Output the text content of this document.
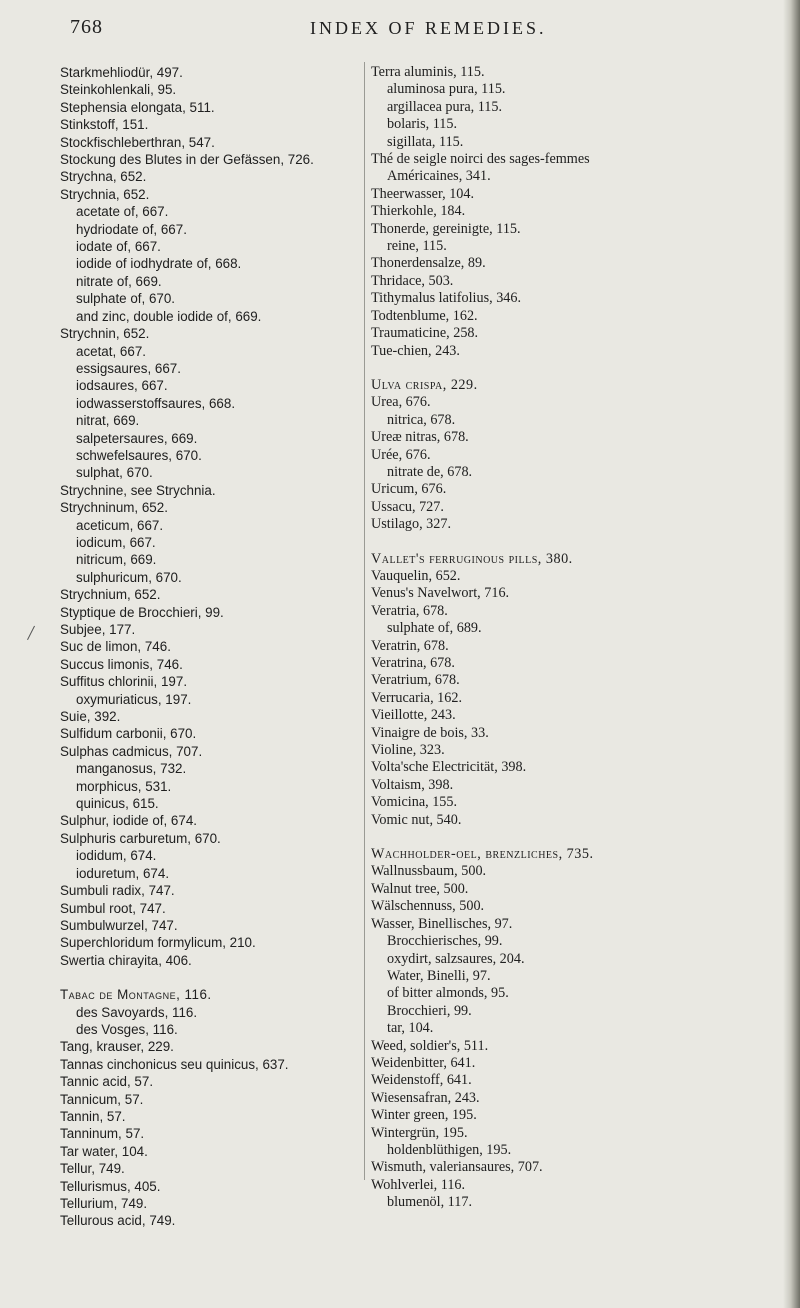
768	INDEX OF REMEDIES.
Starkmehliodür, 497.
Steinkohlenkali, 95.
Stephensia elongata, 511.
Stinkstoff, 151.
Stockfischleberthran, 547.
Stockung des Blutes in der Gefässen, 726.
Strychna, 652.
Strychnia, 652.
acetate of, 667.
hydriodate of, 667.
iodate of, 667.
iodide of iodhydrate of, 668.
nitrate of, 669.
sulphate of, 670.
and zinc, double iodide of, 669.
Strychnin, 652.
acetat, 667.
essigsaures, 667.
iodsaures, 667.
iodwasserstoffsaures, 668.
nitrat, 669.
salpetersaures, 669.
schwefelsaures, 670.
sulphat, 670.
Strychnine, see Strychnia.
Strychninum, 652.
aceticum, 667.
iodicum, 667.
nitricum, 669.
sulphuricum, 670.
Strychnium, 652.
Styptique de Brocchieri, 99.
Subjee, 177.
Suc de limon, 746.
Succus limonis, 746.
Suffitus chlorinii, 197.
oxymuriaticus, 197.
Suie, 392.
Sulfidum carbonii, 670.
Sulphas cadmicus, 707.
manganosus, 732.
morphicus, 531.
quinicus, 615.
Sulphur, iodide of, 674.
Sulphuris carburetum, 670.
iodidum, 674.
ioduretum, 674.
Sumbuli radix, 747.
Sumbul root, 747.
Sumbulwurzel, 747.
Superchloridum formylicum, 210.
Swertia chirayita, 406.
Tabac de Montagne, 116.
des Savoyards, 116.
des Vosges, 116.
Tang, krauser, 229.
Tannas cinchonicus seu quinicus, 637.
Tannic acid, 57.
Tannicum, 57.
Tannin, 57.
Tanninum, 57.
Tar water, 104.
Tellur, 749.
Tellurismus, 405.
Tellurium, 749.
Tellurous acid, 749.
Terra aluminis, 115.
aluminosa pura, 115.
argillacea pura, 115.
bolaris, 115.
sigillata, 115.
Thé de seigle noirci des sages-femmes
Américaines, 341.
Theerwasser, 104.
Thierkohle, 184.
Thonerde, gereinigte, 115.
reine, 115.
Thonerdensalze, 89.
Thridace, 503.
Tithymalus latifolius, 346.
Todtenblume, 162.
Traumaticine, 258.
Tue-chien, 243.
Ulva crispa, 229.
Urea, 676.
nitrica, 678.
Ureæ nitras, 678.
Urée, 676.
nitrate de, 678.
Uricum, 676.
Ussacu, 727.
Ustilago, 327.
Vallet's ferruginous pills, 380.
Vauquelin, 652.
Venus's Navelwort, 716.
Veratria, 678.
sulphate of, 689.
Veratrin, 678.
Veratrina, 678.
Veratrium, 678.
Verrucaria, 162.
Vieillotte, 243.
Vinaigre de bois, 33.
Violine, 323.
Volta'sche Electricität, 398.
Voltaism, 398.
Vomicina, 155.
Vomic nut, 540.
Wachholder-oel, brenzliches, 735.
Wallnussbaum, 500.
Walnut tree, 500.
Wälschennuss, 500.
Wasser, Binellisches, 97.
Brocchierisches, 99.
oxydirt, salzsaures, 204.
Water, Binelli, 97.
of bitter almonds, 95.
Brocchieri, 99.
tar, 104.
Weed, soldier's, 511.
Weidenbitter, 641.
Weidenstoff, 641.
Wiesensafran, 243.
Winter green, 195.
Wintergrün, 195.
holdenblüthigen, 195.
Wismuth, valeriansaures, 707.
Wohlverlei, 116.
blumenöl, 117.
/
